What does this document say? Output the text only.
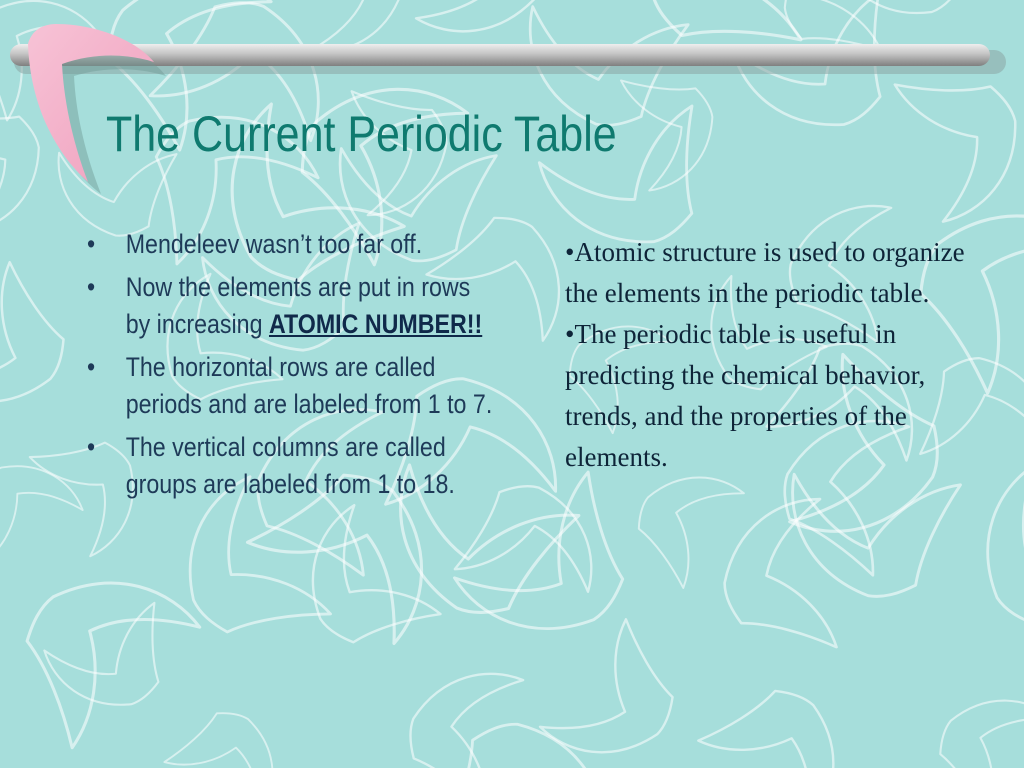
The Current Periodic Table
• Mendeleev wasn’t too far off.
• Now the elements are put in rows by increasing ATOMIC NUMBER!!
• The horizontal rows are called periods and are labeled from 1 to 7.
• The vertical columns are called groups are labeled from 1 to 18.

•Atomic structure is used to organize the elements in the periodic table.

•The periodic table is useful in predicting the chemical behavior, trends, and the properties of the elements.
